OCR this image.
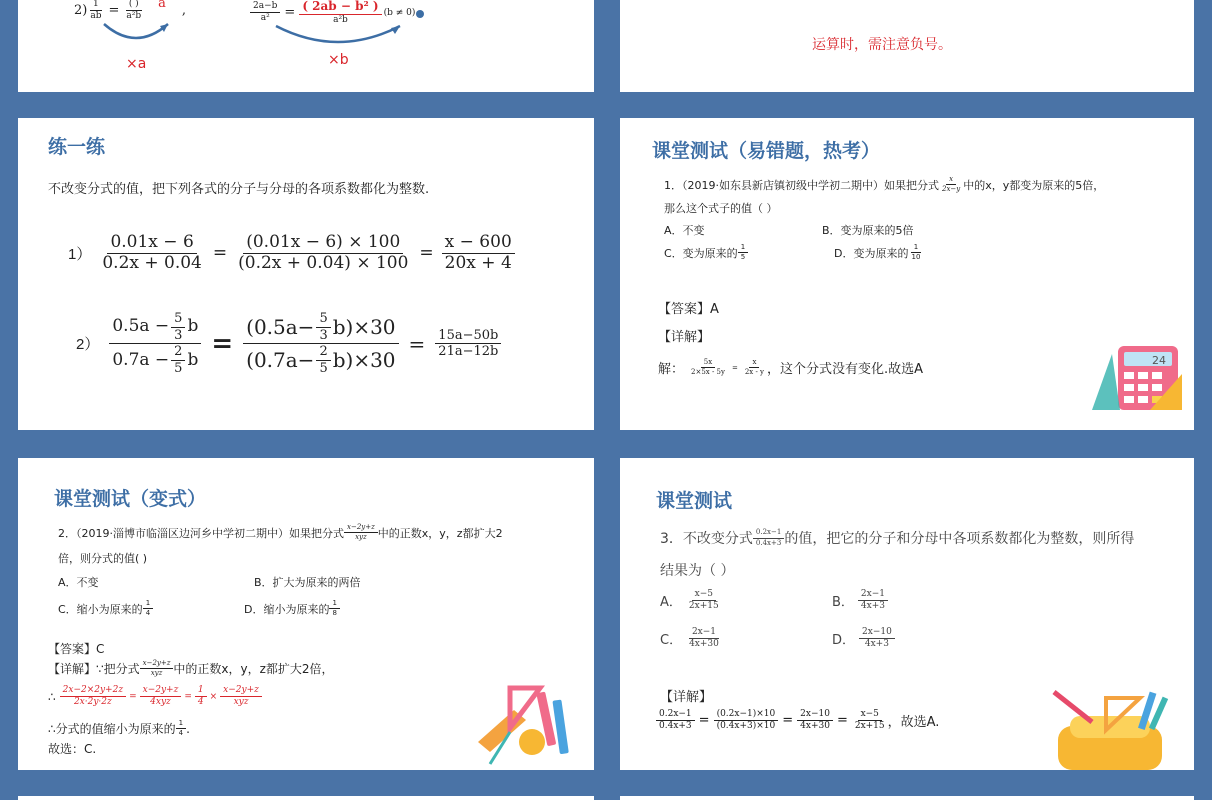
$2) \frac{1}{ab} = \frac{( )}{\text{a²b}}$ a ,	$\frac{2a-b}{\text{a²}} = \frac{\text{( 2ab − b² )}}{\text{a²b}} (b \ne 0)$
×a	×b
运算时，需注意负号。
练一练
不改变分式的值，把下列各式的分子与分母的各项系数都化为整数.
$1) \frac{0.01x - 6}{0.2x + 0.04} = \frac{(0.01x - 6) \times 100}{(0.2x + 0.04) \times 100} = \frac{x - 600}{20x + 4}$
$2) \frac{0.5a - \frac{5}{3} b}{0.7a - \frac{2}{5} b} = \frac{(0.5a- \frac{5}{3} b)\times 30}{(0.7a- \frac{2}{5} b)\times 30} = \frac{15a-50b}{21a-12b}$
课堂测试（易错题，热考）
1．（2019·如东县新店镇初级中学初二期中）如果把分式 $\frac{x}{2x-y}$ 中的x，y都变为原来的5倍，
那么这个式子的值（ ）
A．不变	B．变为原来的5倍
C．变为原来的 $\frac{1}{5}$	D．变为原来的 $\frac{1}{10}$
【答案】A
【详解】
解： $\frac{5x}{2\times 5x - 5y} = \frac{x}{2x - y}$ ，这个分式没有变化.故选A
24
课堂测试（变式）
2．（2019·淄博市临淄区边河乡中学初二期中）如果把分式 $\frac{x-2y+z}{\text{xyz}}$ 中的正数x，y，z都扩大2
倍，则分式的值( )
A．不变	B．扩大为原来的两倍
C．缩小为原来的 $\frac{1}{4}$	D．缩小为原来的 $\frac{1}{8}$
【答案】C
【详解】∵把分式 $\frac{x-2y+z}{\text{xyz}}$ 中的正数x，y，z都扩大2倍，
∴ $\frac{2x-2\times 2y+2z}{2x\cdot 2y\cdot 2z} = \frac{x-2y+z}{\text{4xyz}} = \frac{1}{4} \times \frac{x-2y+z}{\text{xyz}}$
∴分式的值缩小为原来的 $\frac{1}{4}$ .
故选：C.
课堂测试
3．不改变分式 $\frac{0.2x-1}{0.4x+3}$ 的值，把它的分子和分母中各项系数都化为整数，则所得
结果为（ ）
A． $\frac{x-5}{2x+15}$	B． $\frac{2x-1}{4x+3}$
C． $\frac{2x-1}{4x+30}$	D． $\frac{2x-10}{4x+3}$
【详解】
$\frac{0.2x-1}{0.4x+3} = \frac{(0.2x-1)\times 10}{(0.4x+3)\times 10} = \frac{2x-10}{4x+30} = \frac{x-5}{2x+15}$ ，故选A.
